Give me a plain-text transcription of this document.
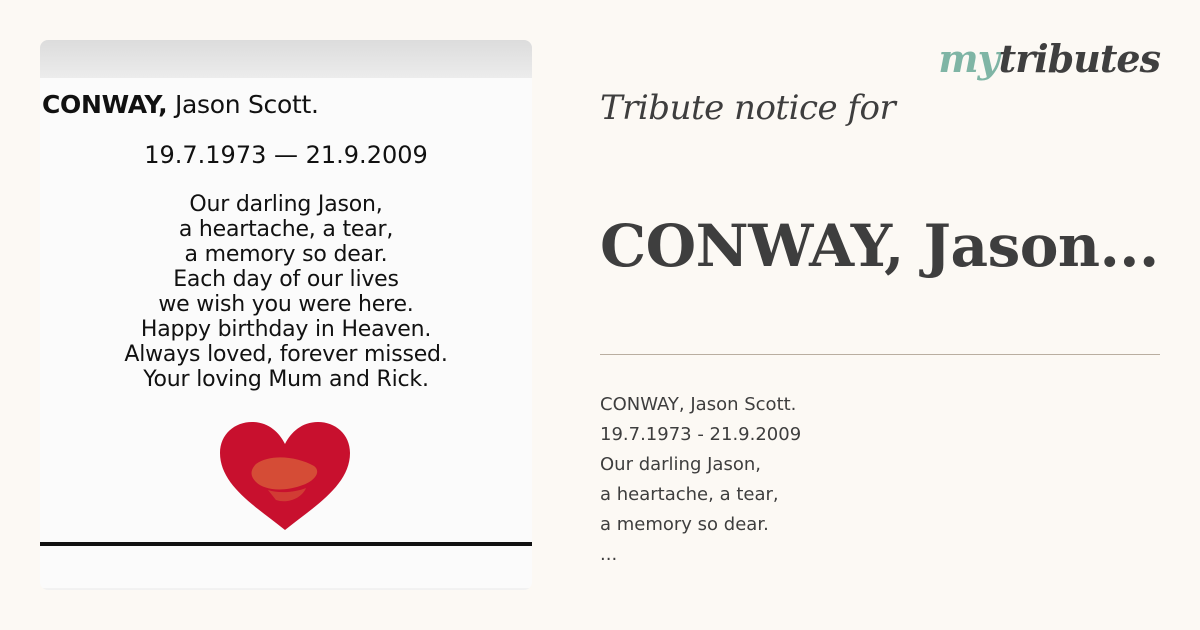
CONWAY, Jason Scott.
19.7.1973 — 21.9.2009
Our darling Jason,
a heartache, a tear,
a memory so dear.
Each day of our lives
we wish you were here.
Happy birthday in Heaven.
Always loved, forever missed.
Your loving Mum and Rick.
mytributes
Tribute notice for
CONWAY, Jason...
CONWAY, Jason Scott.
19.7.1973 - 21.9.2009
Our darling Jason,
a heartache, a tear,
a memory so dear.
...
